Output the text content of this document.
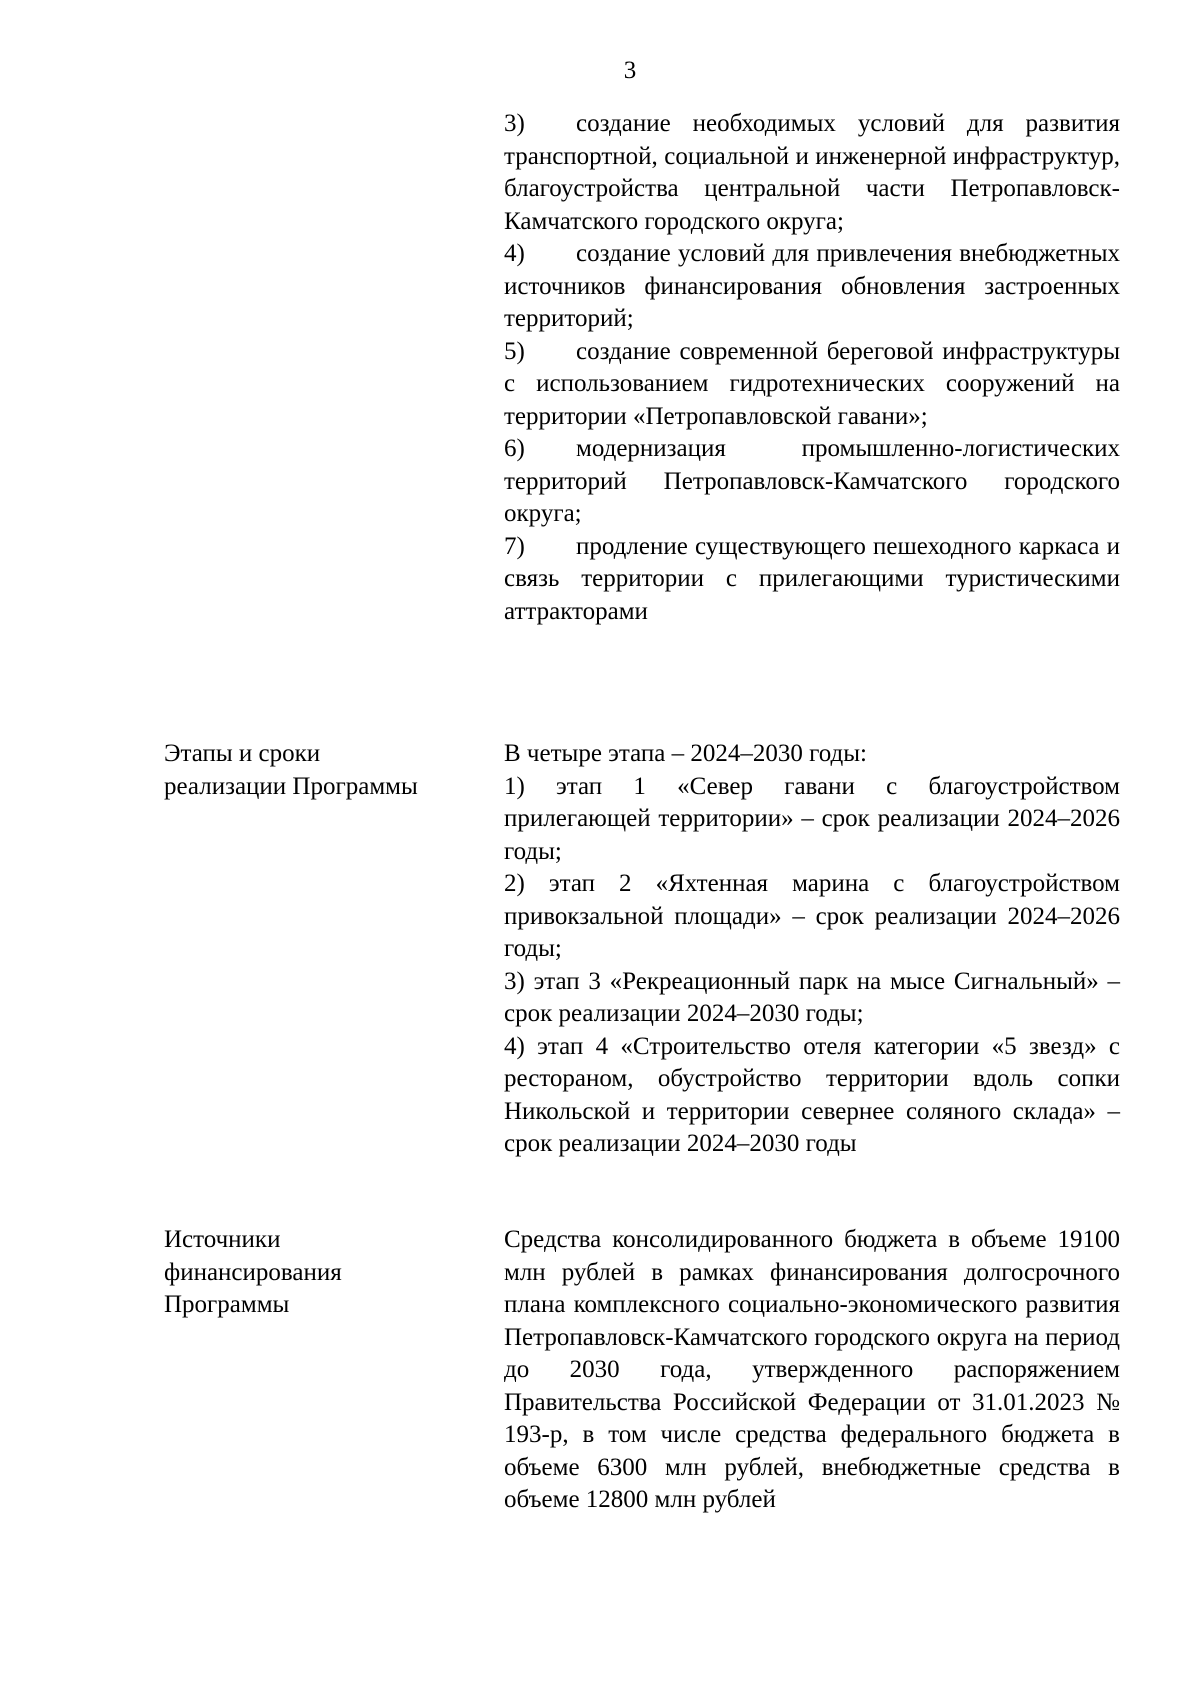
3

3) создание необходимых условий для развития транспортной, социальной и инженерной инфраструктур, благоустройства центральной части Петропавловск-Камчатского городского округа;

4) создание условий для привлечения внебюджетных источников финансирования обновления застроенных территорий;

5) создание современной береговой инфраструктуры с использованием гидротехнических сооружений на территории «Петропавловской гавани»;

6) модернизация промышленно-логистических территорий Петропавловск-Камчатского городского округа;

7) продление существующего пешеходного каркаса и связь территории с прилегающими туристическими аттракторами

Этапы и сроки
реализации Программы

В четыре этапа – 2024–2030 годы:

1) этап 1 «Север гавани с благоустройством прилегающей территории» – срок реализации 2024–2026 годы;

2) этап 2 «Яхтенная марина с благоустройством привокзальной площади» – срок реализации 2024–2026 годы;

3) этап 3 «Рекреационный парк на мысе Сигнальный» – срок реализации 2024–2030 годы;

4) этап 4 «Строительство отеля категории «5 звезд» с рестораном, обустройство территории вдоль сопки Никольской и территории севернее соляного склада» – срок реализации 2024–2030 годы

Источники
финансирования
Программы

Средства консолидированного бюджета в объеме 19100 млн рублей в рамках финансирования долгосрочного плана комплексного социально-экономического развития Петропавловск-Камчатского городского округа на период до 2030 года, утвержденного распоряжением Правительства Российской Федерации от 31.01.2023 № 193-р, в том числе средства федерального бюджета в объеме 6300 млн рублей, внебюджетные средства в объеме 12800 млн рублей
